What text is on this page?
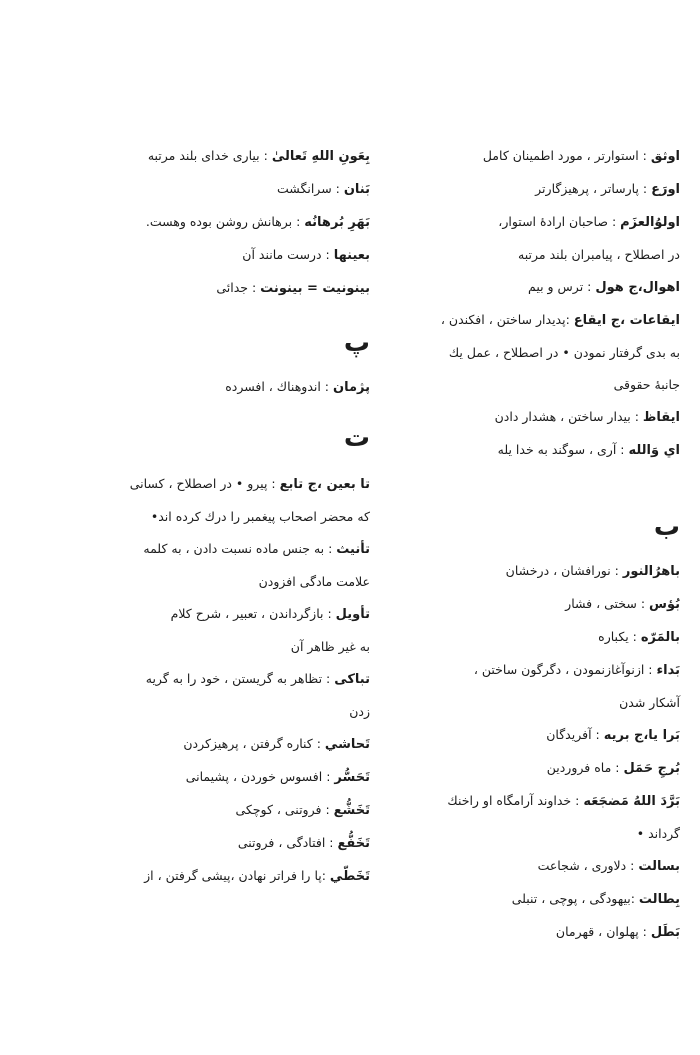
اوثق : استوارتر ، مورد اطمینان کامل
اورَع : پارساتر ، پرهیزگارتر
اولوُالعزَم : صاحبان ارادهٔ استوار،
در اصطلاح ، پیامبران بلند مرتبه
اهوال،ج هول : ترس و بیم
ایقاعات ،ج ایقاع :پدیدار ساختن ، افکندن ،
به بدی گرفتار نمودن • در اصطلاح ، عمل یك
جانبهٔ حقوقی
ایقاظ : بیدار ساختن ، هشدار دادن
اي وَالله : آری ، سوگند به خدا یله
ب
باهرُالنور : نورافشان ، درخشان
بُؤس : سختی ، فشار
بالمَرّه : یکباره
بَداء : ازنوآغازنمودن ، دگرگون ساختن ،
آشکار شدن
بَرا یا،ج بریه : آفریدگان
بُرجِ حَمَل : ماه فروردین
بَرَّدَ اللهُ مَضجَعَه : خداوند آرامگاه او راخنك
گرداند •
بسالت : دلاوری ، شجاعت
بِطالت :بیهودگی ، پوچی ، تنبلی
بَطَل : پهلوان ، قهرمان
بِعَونِ اللهِ تَعالیٰ : بیاری خدای بلند مرتبه
بَنان : سرانگشت
بَهَرِ بُرهانُه : برهانش روشن بوده وهست.
بعینها : درست مانند آن
بینونیت = بینونت : جدائی
پ
پژمان : اندوهناك ، افسرده
ت
تا بعین ،ج تابع : پیرو • در اصطلاح ، کسانی
که محضر اصحاب پیغمبر را درك کرده اند•
تأنیث : به جنس ماده نسبت دادن ، به کلمه
علامت مادگی افزودن
تأویل : بازگرداندن ، تعبیر ، شرح کلام
به غیر ظاهر آن
تباکی : تظاهر به گریستن ، خود را به گریه
زدن
تَحاشي : کناره گرفتن ، پرهیزکردن
تَحَسُّر : افسوس خوردن ، پشیمانی
تَخَشُّع : فروتنی ، کوچکی
تَخَفُّع : افتادگی ، فروتنی
تَخَطّي :پا را فراتر نهادن ،پیشی گرفتن ، از
